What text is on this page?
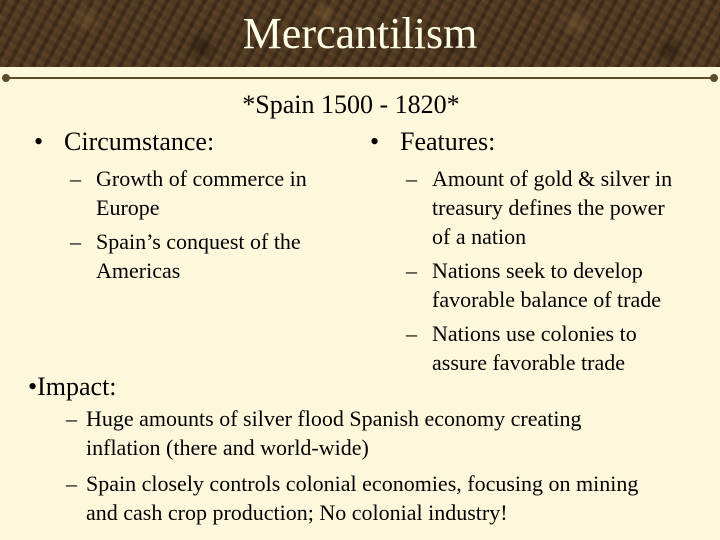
Mercantilism
*Spain 1500 - 1820*
• Circumstance:
– Growth of commerce in
Europe
– Spain’s conquest of the
Americas
• Features:
– Amount of gold & silver in
treasury defines the power
of a nation
– Nations seek to develop
favorable balance of trade
– Nations use colonies to
assure favorable trade
•Impact:
– Huge amounts of silver flood Spanish economy creating
inflation (there and world-wide)
– Spain closely controls colonial economies, focusing on mining
and cash crop production; No colonial industry!
